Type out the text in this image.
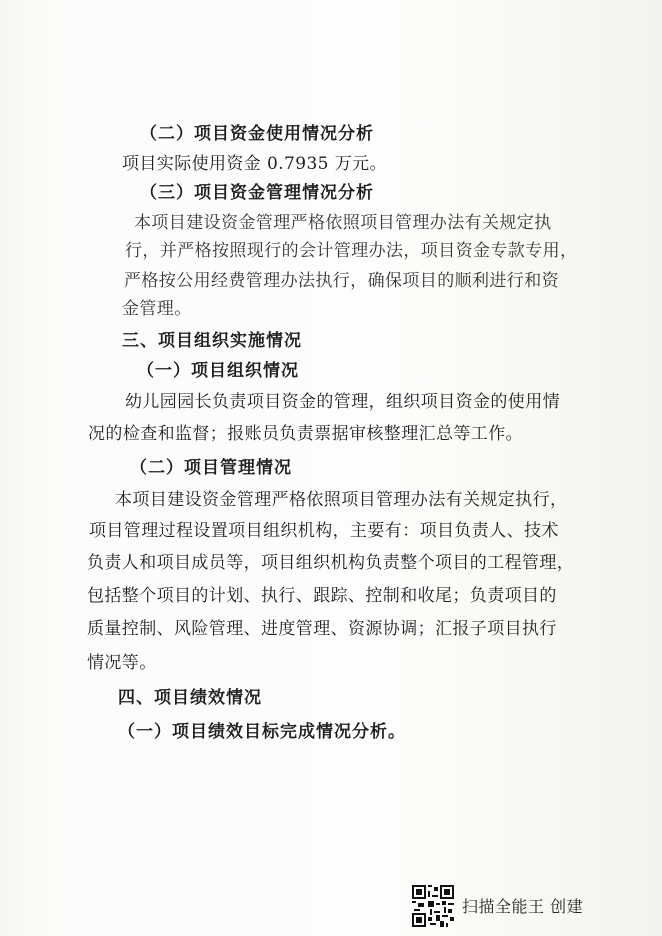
（二）项目资金使用情况分析
项目实际使用资金 0.7935 万元。
（三）项目资金管理情况分析
本项目建设资金管理严格依照项目管理办法有关规定执
行，并严格按照现行的会计管理办法，项目资金专款专用，
严格按公用经费管理办法执行，确保项目的顺利进行和资
金管理。
三、项目组织实施情况
（一）项目组织情况
幼儿园园长负责项目资金的管理，组织项目资金的使用情
况的检查和监督；报账员负责票据审核整理汇总等工作。
（二）项目管理情况
本项目建设资金管理严格依照项目管理办法有关规定执行，
项目管理过程设置项目组织机构，主要有：项目负责人、技术
负责人和项目成员等，项目组织机构负责整个项目的工程管理，
包括整个项目的计划、执行、跟踪、控制和收尾；负责项目的
质量控制、风险管理、进度管理、资源协调；汇报子项目执行
情况等。
四、项目绩效情况
（一）项目绩效目标完成情况分析。
扫描全能王 创建
